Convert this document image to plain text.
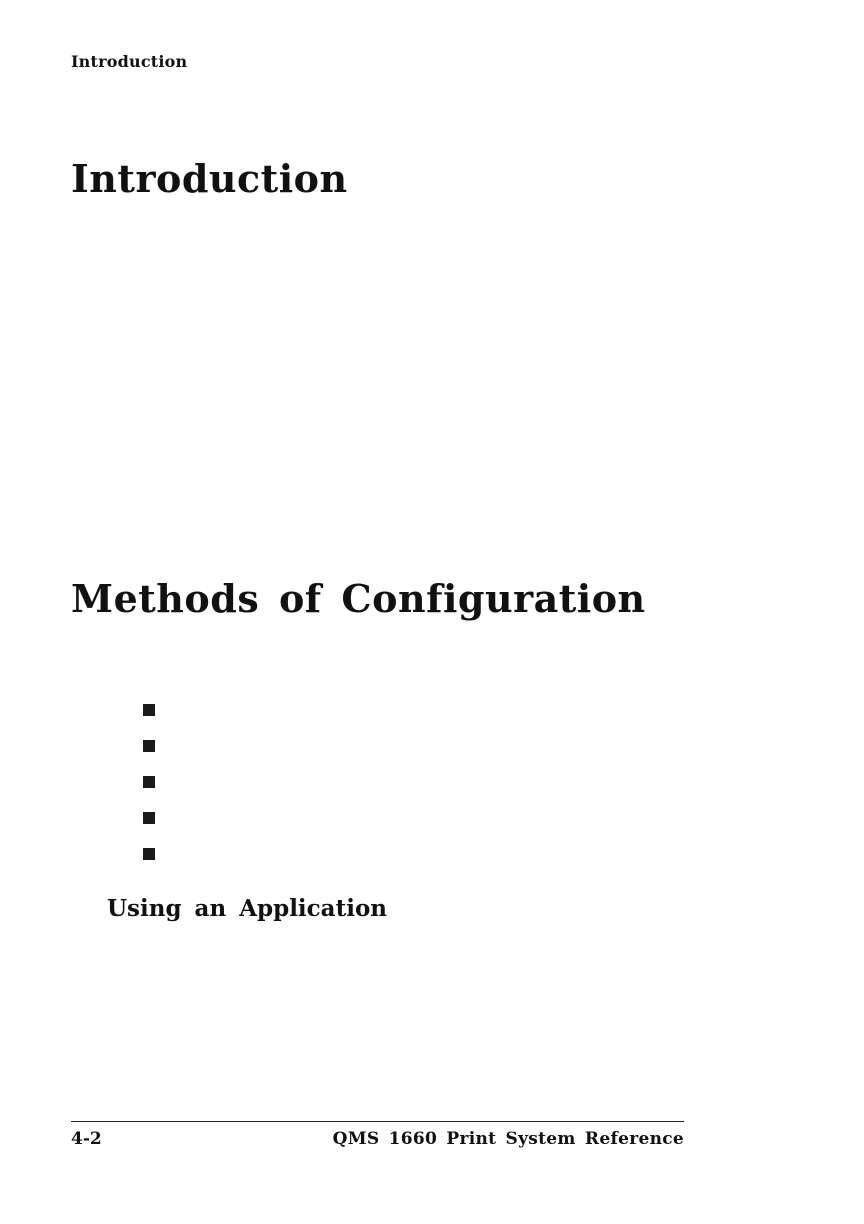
Introduction
Introduction
Methods of Configuration
Using an Application
4-2	QMS 1660 Print System Reference
